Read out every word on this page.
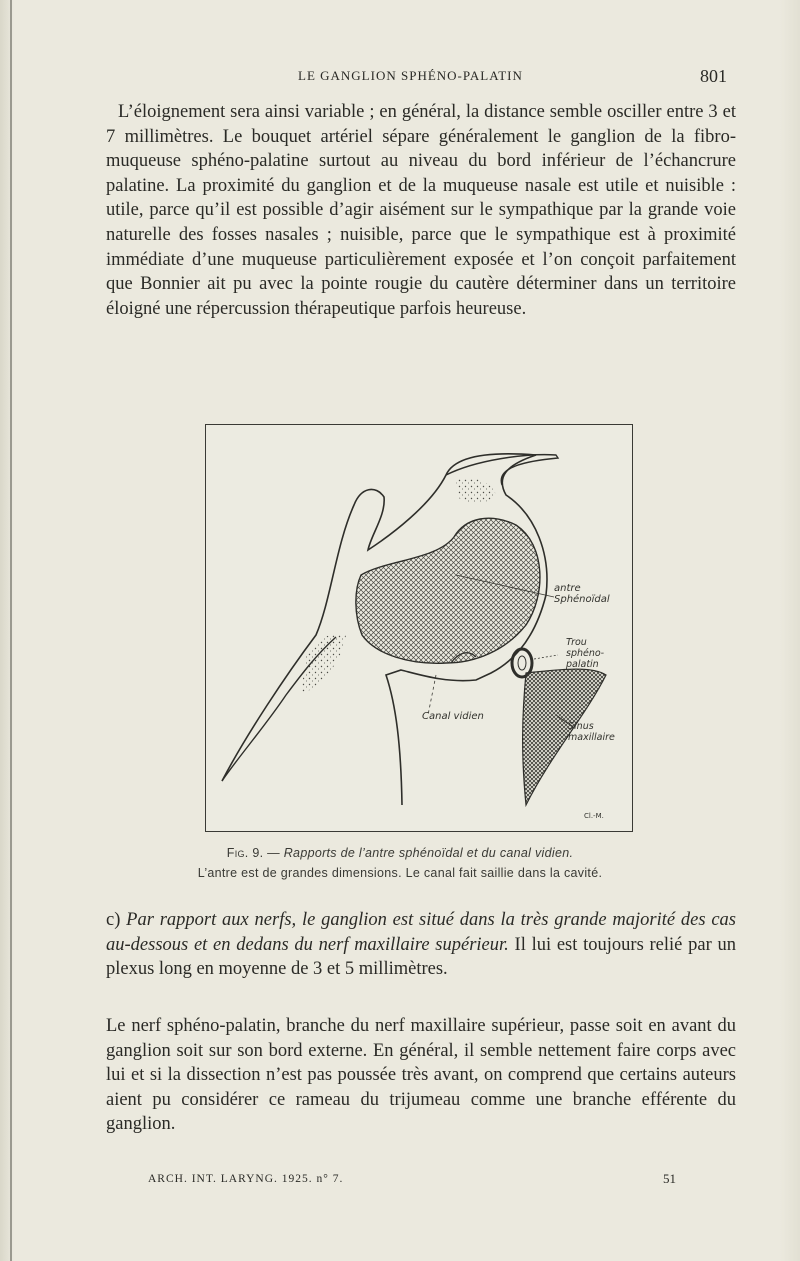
LE GANGLION SPHÉNO-PALATIN	801

L’éloignement sera ainsi variable ; en général, la distance semble osciller entre 3 et 7 millimètres. Le bouquet artériel sépare généralement le ganglion de la fibro-muqueuse sphéno-palatine surtout au niveau du bord inférieur de l’échancrure palatine. La proximité du ganglion et de la muqueuse nasale est utile et nuisible : utile, parce qu’il est possible d’agir aisément sur le sympathique par la grande voie naturelle des fosses nasales ; nuisible, parce que le sympathique est à proximité immédiate d’une muqueuse particulièrement exposée et l’on conçoit parfaitement que Bonnier ait pu avec la pointe rougie du cautère déterminer dans un territoire éloigné une répercussion thérapeutique parfois heureuse.

antre
Sphénoïdal
Trou
sphéno-
palatin
Canal vidien
Sinus
maxillaire
Cl.-M.
Fig. 9. — Rapports de l’antre sphénoïdal et du canal vidien.
L’antre est de grandes dimensions. Le canal fait saillie dans la cavité.

c) Par rapport aux nerfs, le ganglion est situé dans la très grande majorité des cas au-dessous et en dedans du nerf maxillaire supérieur. Il lui est toujours relié par un plexus long en moyenne de 3 et 5 millimètres.

Le nerf sphéno-palatin, branche du nerf maxillaire supérieur, passe soit en avant du ganglion soit sur son bord externe. En général, il semble nettement faire corps avec lui et si la dissection n’est pas poussée très avant, on comprend que certains auteurs aient pu considérer ce rameau du trijumeau comme une branche efférente du ganglion.

ARCH. INT. LARYNG. 1925. n° 7.	51
